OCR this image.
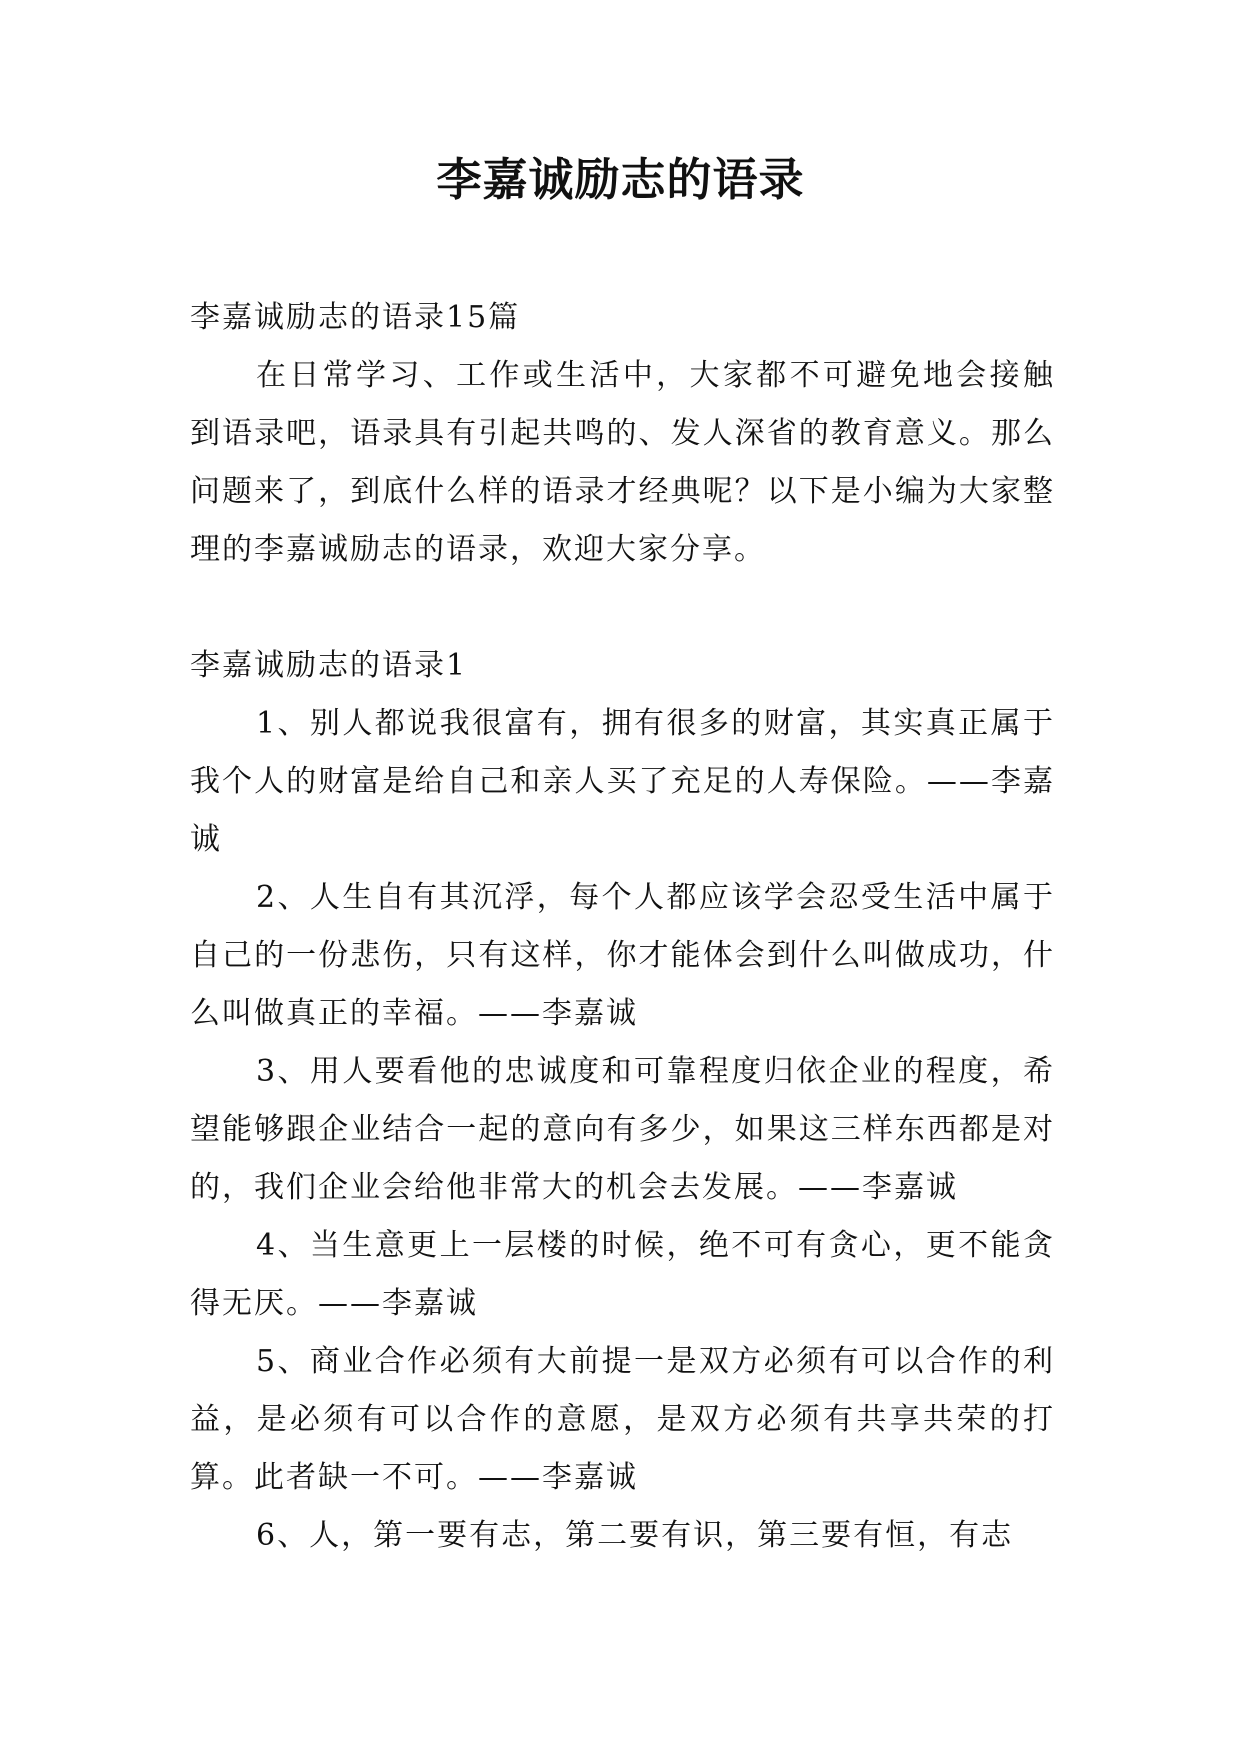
李嘉诚励志的语录

李嘉诚励志的语录15篇

在日常学习、工作或生活中，大家都不可避免地会接触到语录吧，语录具有引起共鸣的、发人深省的教育意义。那么问题来了，到底什么样的语录才经典呢？以下是小编为大家整理的李嘉诚励志的语录，欢迎大家分享。

李嘉诚励志的语录1

1、别人都说我很富有，拥有很多的财富，其实真正属于我个人的财富是给自己和亲人买了充足的人寿保险。——李嘉诚

2、人生自有其沉浮，每个人都应该学会忍受生活中属于自己的一份悲伤，只有这样，你才能体会到什么叫做成功，什么叫做真正的幸福。——李嘉诚

3、用人要看他的忠诚度和可靠程度归依企业的程度，希望能够跟企业结合一起的意向有多少，如果这三样东西都是对的，我们企业会给他非常大的机会去发展。——李嘉诚

4、当生意更上一层楼的时候，绝不可有贪心，更不能贪得无厌。——李嘉诚

5、商业合作必须有大前提一是双方必须有可以合作的利益，是必须有可以合作的意愿，是双方必须有共享共荣的打算。此者缺一不可。——李嘉诚

6、人，第一要有志，第二要有识，第三要有恒，有志
